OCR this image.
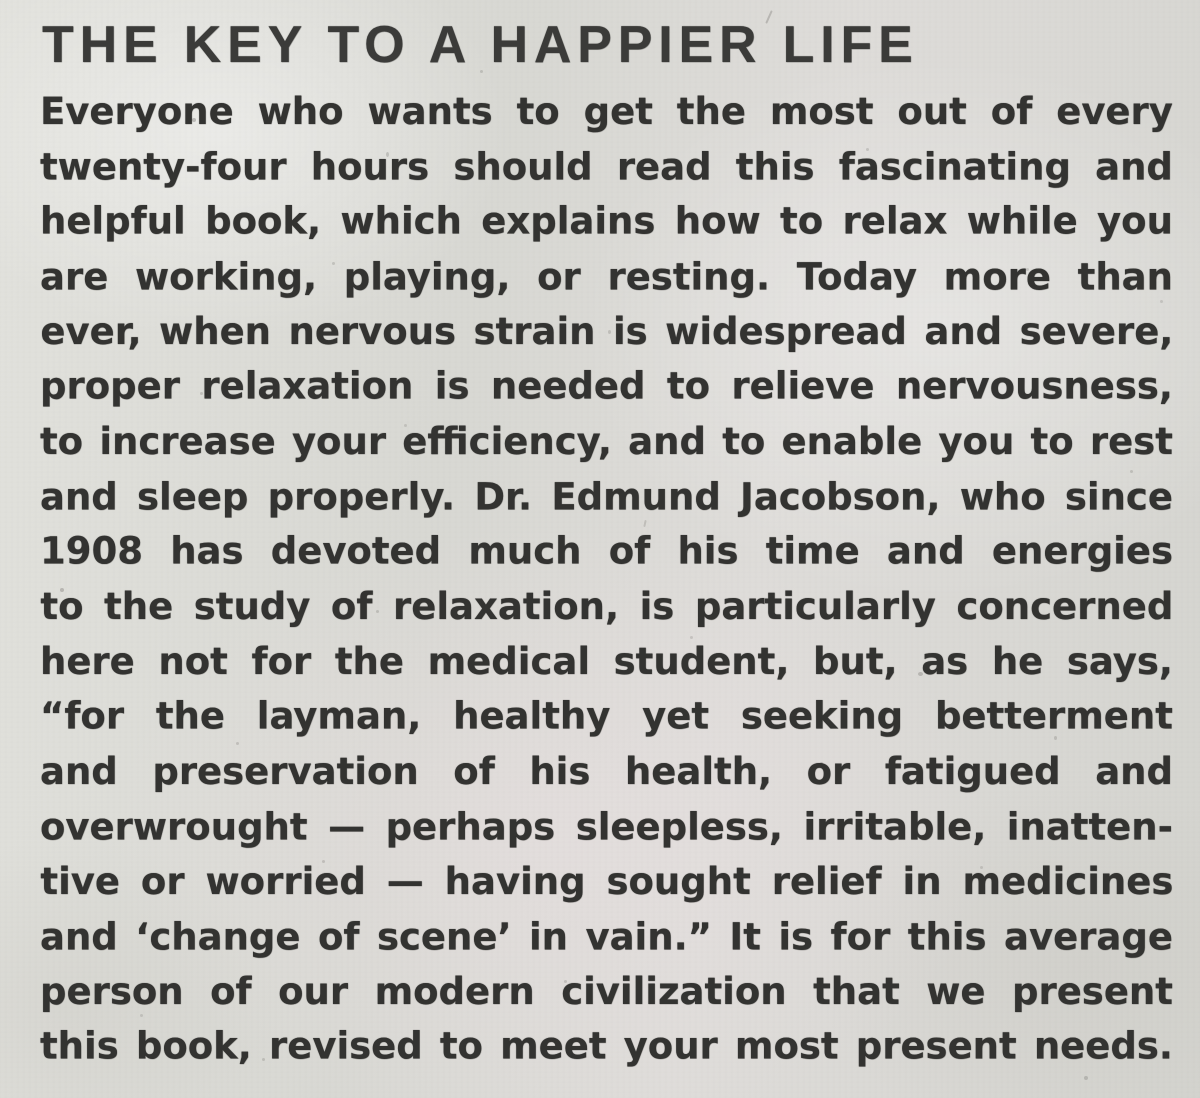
THE KEY TO A HAPPIER LIFE
Everyone who wants to get the most out of every
twenty-four hours should read this fascinating and
helpful book, which explains how to relax while you
are working, playing, or resting. Today more than
ever, when nervous strain is widespread and severe,
proper relaxation is needed to relieve nervousness,
to increase your efficiency, and to enable you to rest
and sleep properly. Dr. Edmund Jacobson, who since
1908 has devoted much of his time and energies
to the study of relaxation, is particularly concerned
here not for the medical student, but, as he says,
“for the layman, healthy yet seeking betterment
and preservation of his health, or fatigued and
overwrought — perhaps sleepless, irritable, inatten-
tive or worried — having sought relief in medicines
and ‘change of scene’ in vain.” It is for this average
person of our modern civilization that we present
this book, revised to meet your most present needs.
